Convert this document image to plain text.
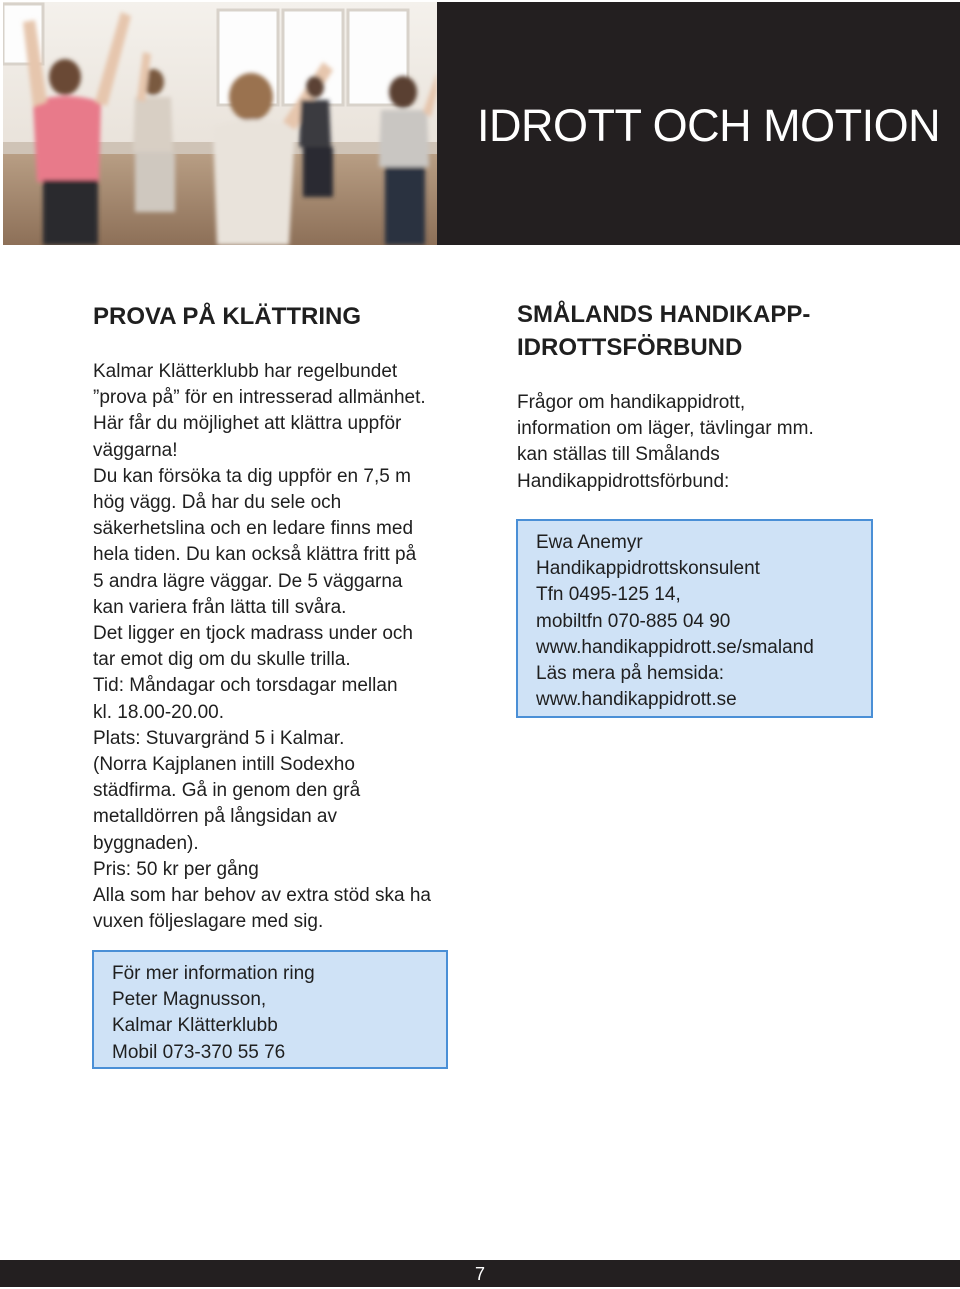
IDROTT OCH MOTION
PROVA PÅ KLÄTTRING
Kalmar Klätterklubb har regelbundet
”prova på” för en intresserad allmänhet.
Här får du möjlighet att klättra uppför
väggarna!
Du kan försöka ta dig uppför en 7,5 m
hög vägg. Då har du sele och
säkerhetslina och en ledare finns med
hela tiden. Du kan också klättra fritt på
5 andra lägre väggar. De 5 väggarna
kan variera från lätta till svåra.
Det ligger en tjock madrass under och
tar emot dig om du skulle trilla.
Tid: Måndagar och torsdagar mellan
kl. 18.00-20.00.
Plats: Stuvargränd 5 i Kalmar.
(Norra Kajplanen intill Sodexho
städfirma. Gå in genom den grå
metalldörren på långsidan av
byggnaden).
Pris: 50 kr per gång
Alla som har behov av extra stöd ska ha
vuxen följeslagare med sig.
För mer information ring
Peter Magnusson,
Kalmar Klätterklubb
Mobil 073-370 55 76
SMÅLANDS HANDIKAPP-
IDROTTSFÖRBUND
Frågor om handikappidrott,
information om läger, tävlingar mm.
kan ställas till Smålands
Handikappidrottsförbund:
Ewa Anemyr
Handikappidrottskonsulent
Tfn 0495-125 14,
mobiltfn 070-885 04 90
www.handikappidrott.se/smaland
Läs mera på hemsida:
www.handikappidrott.se
7
